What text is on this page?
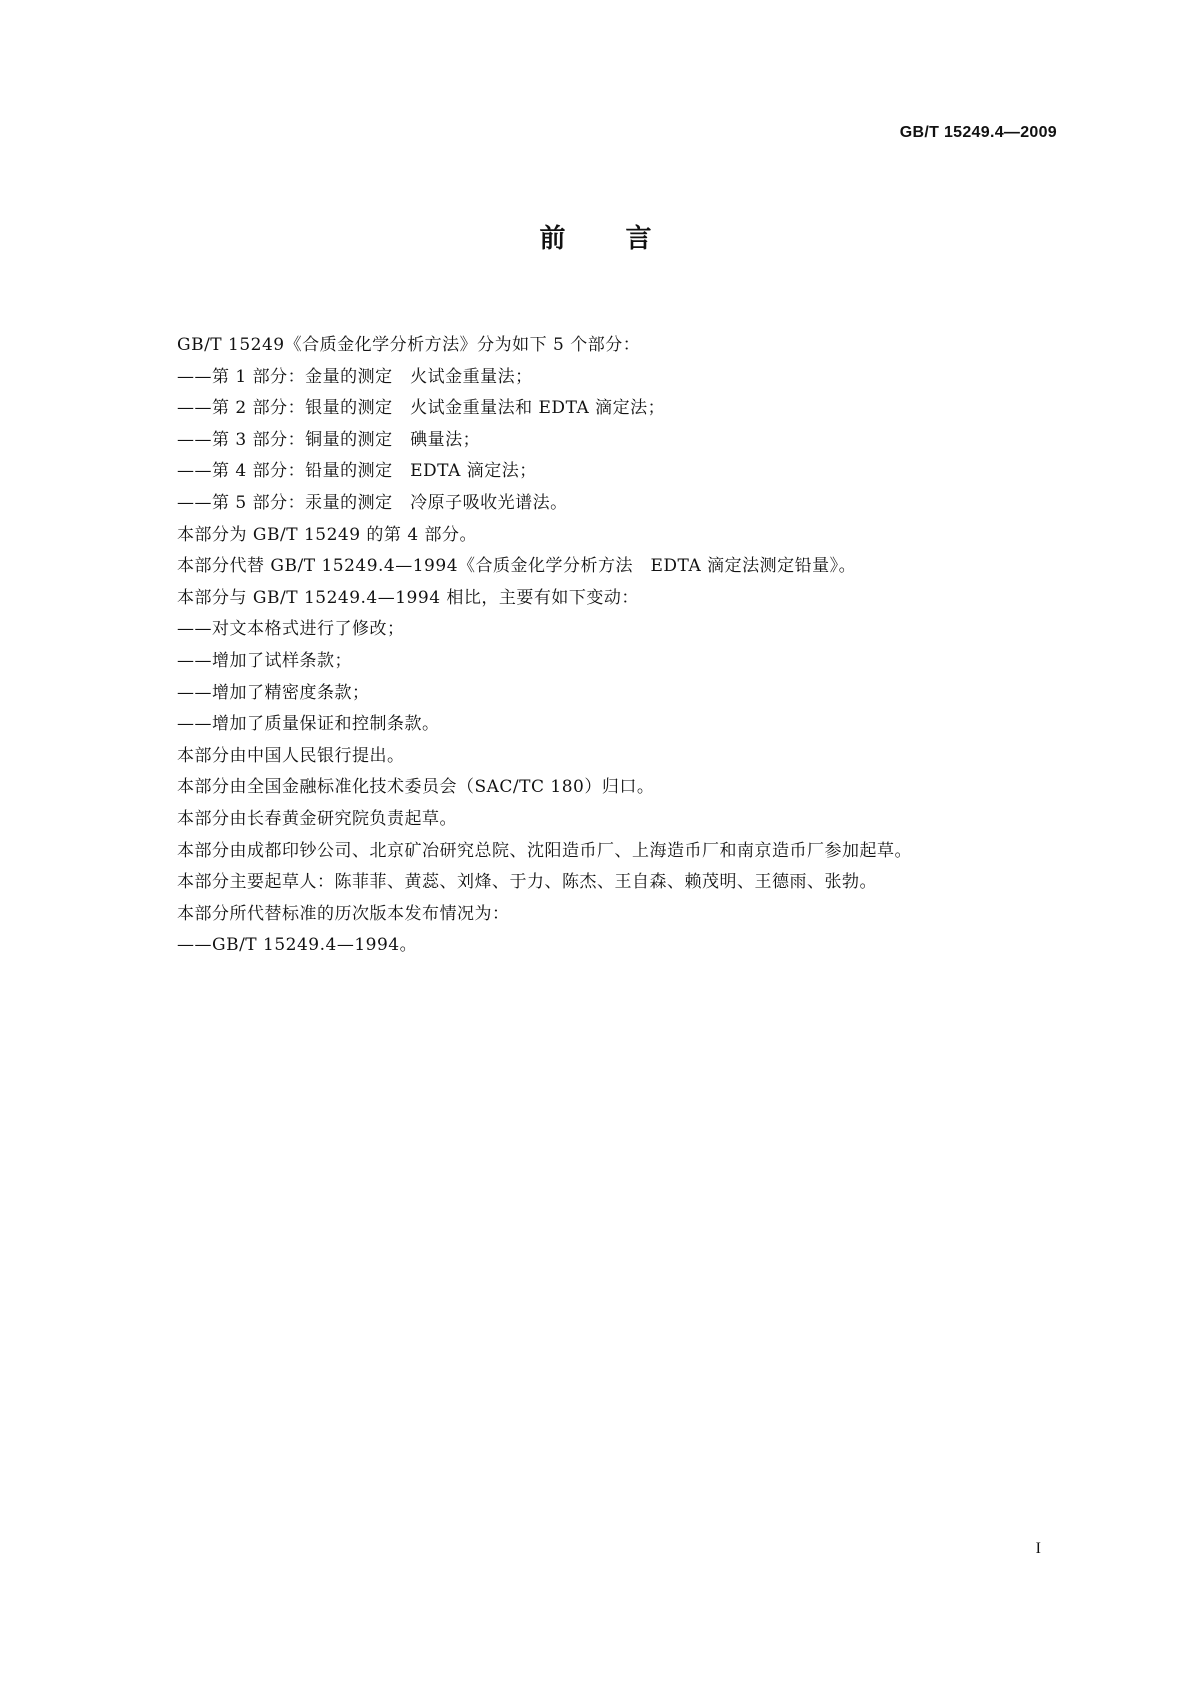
GB/T 15249.4—2009
前言
GB/T 15249《合质金化学分析方法》分为如下 5 个部分：
——第 1 部分：金量的测定　火试金重量法；
——第 2 部分：银量的测定　火试金重量法和 EDTA 滴定法；
——第 3 部分：铜量的测定　碘量法；
——第 4 部分：铅量的测定　EDTA 滴定法；
——第 5 部分：汞量的测定　冷原子吸收光谱法。
本部分为 GB/T 15249 的第 4 部分。
本部分代替 GB/T 15249.4—1994《合质金化学分析方法　EDTA 滴定法测定铅量》。
本部分与 GB/T 15249.4—1994 相比，主要有如下变动：
——对文本格式进行了修改；
——增加了试样条款；
——增加了精密度条款；
——增加了质量保证和控制条款。
本部分由中国人民银行提出。
本部分由全国金融标准化技术委员会（SAC/TC 180）归口。
本部分由长春黄金研究院负责起草。
本部分由成都印钞公司、北京矿冶研究总院、沈阳造币厂、上海造币厂和南京造币厂参加起草。
本部分主要起草人：陈菲菲、黄蕊、刘烽、于力、陈杰、王自森、赖茂明、王德雨、张勃。
本部分所代替标准的历次版本发布情况为：
——GB/T 15249.4—1994。
I
